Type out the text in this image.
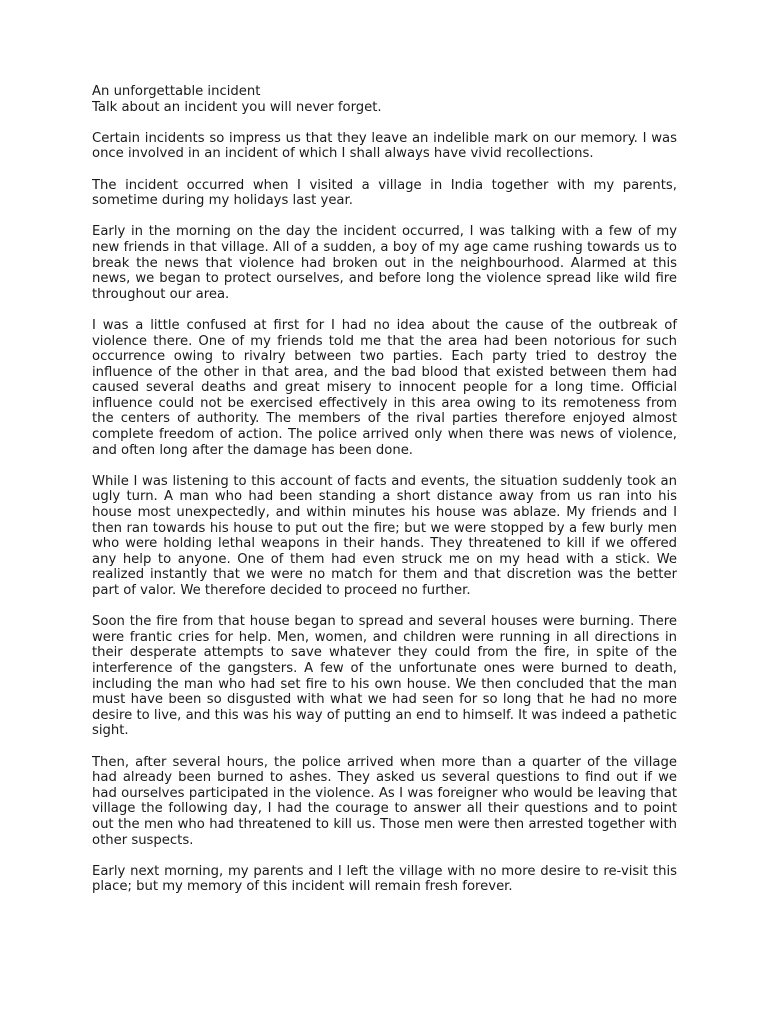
An unforgettable incident

Talk about an incident you will never forget.

Certain incidents so impress us that they leave an indelible mark on our memory. I was once involved in an incident of which I shall always have vivid recollections.

The incident occurred when I visited a village in India together with my parents, sometime during my holidays last year.

Early in the morning on the day the incident occurred, I was talking with a few of my new friends in that village. All of a sudden, a boy of my age came rushing towards us to break the news that violence had broken out in the neighbourhood. Alarmed at this news, we began to protect ourselves, and before long the violence spread like wild fire throughout our area.

I was a little confused at first for I had no idea about the cause of the outbreak of violence there. One of my friends told me that the area had been notorious for such occurrence owing to rivalry between two parties. Each party tried to destroy the influence of the other in that area, and the bad blood that existed between them had caused several deaths and great misery to innocent people for a long time. Official influence could not be exercised effectively in this area owing to its remoteness from the centers of authority. The members of the rival parties therefore enjoyed almost complete freedom of action. The police arrived only when there was news of violence, and often long after the damage has been done.

While I was listening to this account of facts and events, the situation suddenly took an ugly turn. A man who had been standing a short distance away from us ran into his house most unexpectedly, and within minutes his house was ablaze. My friends and I then ran towards his house to put out the fire; but we were stopped by a few burly men who were holding lethal weapons in their hands. They threatened to kill if we offered any help to anyone. One of them had even struck me on my head with a stick. We realized instantly that we were no match for them and that discretion was the better part of valor. We therefore decided to proceed no further.

Soon the fire from that house began to spread and several houses were burning. There were frantic cries for help. Men, women, and children were running in all directions in their desperate attempts to save whatever they could from the fire, in spite of the interference of the gangsters. A few of the unfortunate ones were burned to death, including the man who had set fire to his own house. We then concluded that the man must have been so disgusted with what we had seen for so long that he had no more desire to live, and this was his way of putting an end to himself. It was indeed a pathetic sight.

Then, after several hours, the police arrived when more than a quarter of the village had already been burned to ashes. They asked us several questions to find out if we had ourselves participated in the violence. As I was foreigner who would be leaving that village the following day, I had the courage to answer all their questions and to point out the men who had threatened to kill us. Those men were then arrested together with other suspects.

Early next morning, my parents and I left the village with no more desire to re-visit this place; but my memory of this incident will remain fresh forever.
